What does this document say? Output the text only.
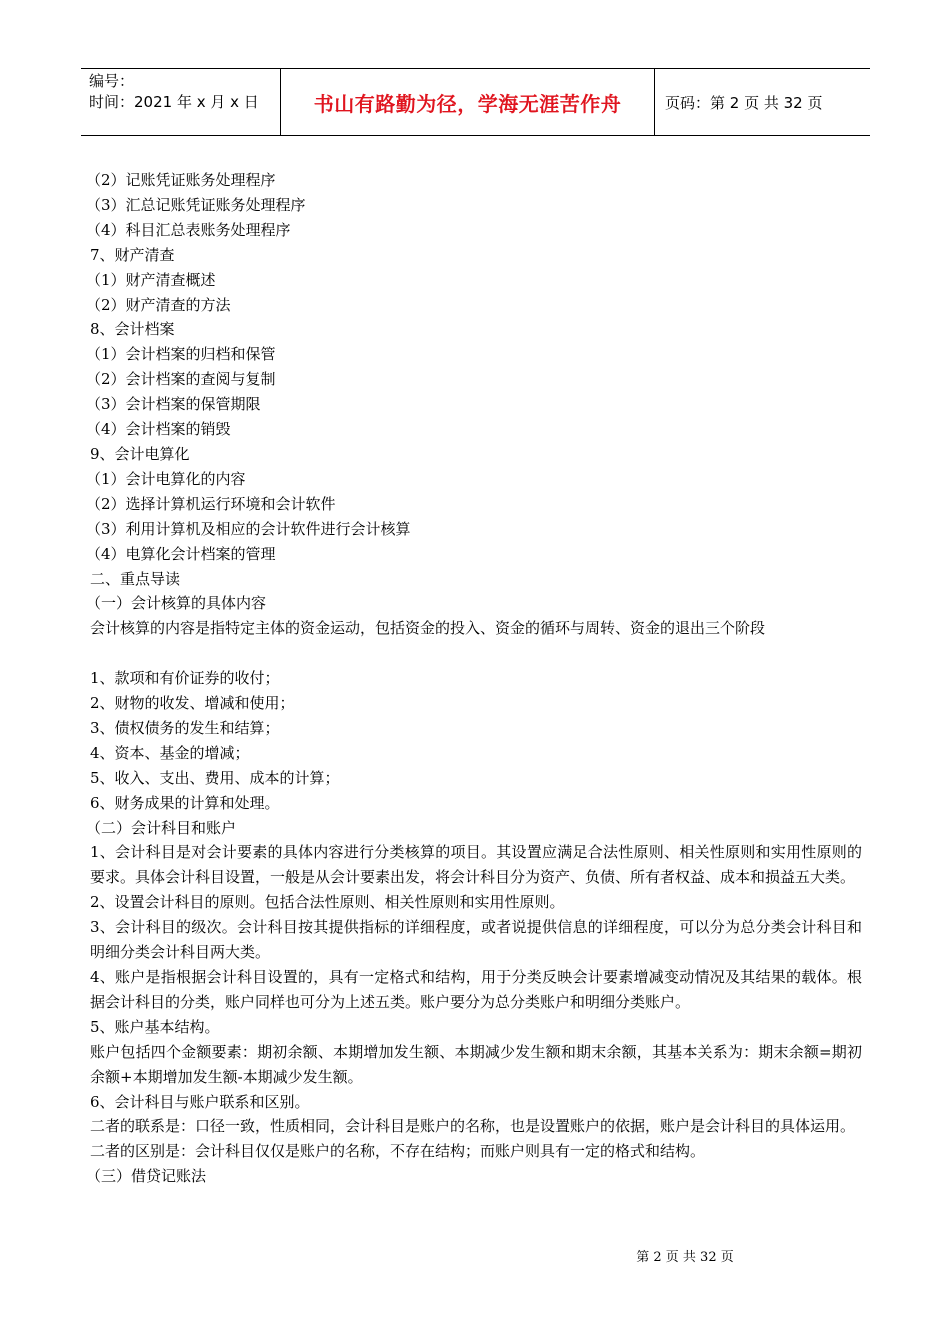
编号：
时间：2021 年 x 月 x 日	书山有路勤为径，学海无涯苦作舟	页码：第 2 页 共 32 页
（2）记账凭证账务处理程序
（3）汇总记账凭证账务处理程序
（4）科目汇总表账务处理程序
7、财产清查
（1）财产清查概述
（2）财产清查的方法
8、会计档案
（1）会计档案的归档和保管
（2）会计档案的查阅与复制
（3）会计档案的保管期限
（4）会计档案的销毁
9、会计电算化
（1）会计电算化的内容
（2）选择计算机运行环境和会计软件
（3）利用计算机及相应的会计软件进行会计核算
（4）电算化会计档案的管理
二、重点导读
（一）会计核算的具体内容
会计核算的内容是指特定主体的资金运动，包括资金的投入、资金的循环与周转、资金的退出三个阶段
1、款项和有价证券的收付；
2、财物的收发、增减和使用；
3、债权债务的发生和结算；
4、资本、基金的增减；
5、收入、支出、费用、成本的计算；
6、财务成果的计算和处理。
（二）会计科目和账户
1、会计科目是对会计要素的具体内容进行分类核算的项目。其设置应满足合法性原则、相关性原则和实用性原则的要求。具体会计科目设置，一般是从会计要素出发，将会计科目分为资产、负债、所有者权益、成本和损益五大类。
2、设置会计科目的原则。包括合法性原则、相关性原则和实用性原则。
3、会计科目的级次。会计科目按其提供指标的详细程度，或者说提供信息的详细程度，可以分为总分类会计科目和明细分类会计科目两大类。
4、账户是指根据会计科目设置的，具有一定格式和结构，用于分类反映会计要素增减变动情况及其结果的载体。根据会计科目的分类，账户同样也可分为上述五类。账户要分为总分类账户和明细分类账户。
5、账户基本结构。
账户包括四个金额要素：期初余额、本期增加发生额、本期减少发生额和期末余额，其基本关系为：期末余额=期初余额+本期增加发生额-本期减少发生额。
6、会计科目与账户联系和区别。
二者的联系是：口径一致，性质相同，会计科目是账户的名称，也是设置账户的依据，账户是会计科目的具体运用。
二者的区别是：会计科目仅仅是账户的名称，不存在结构；而账户则具有一定的格式和结构。
（三）借贷记账法
第 2 页 共 32 页
